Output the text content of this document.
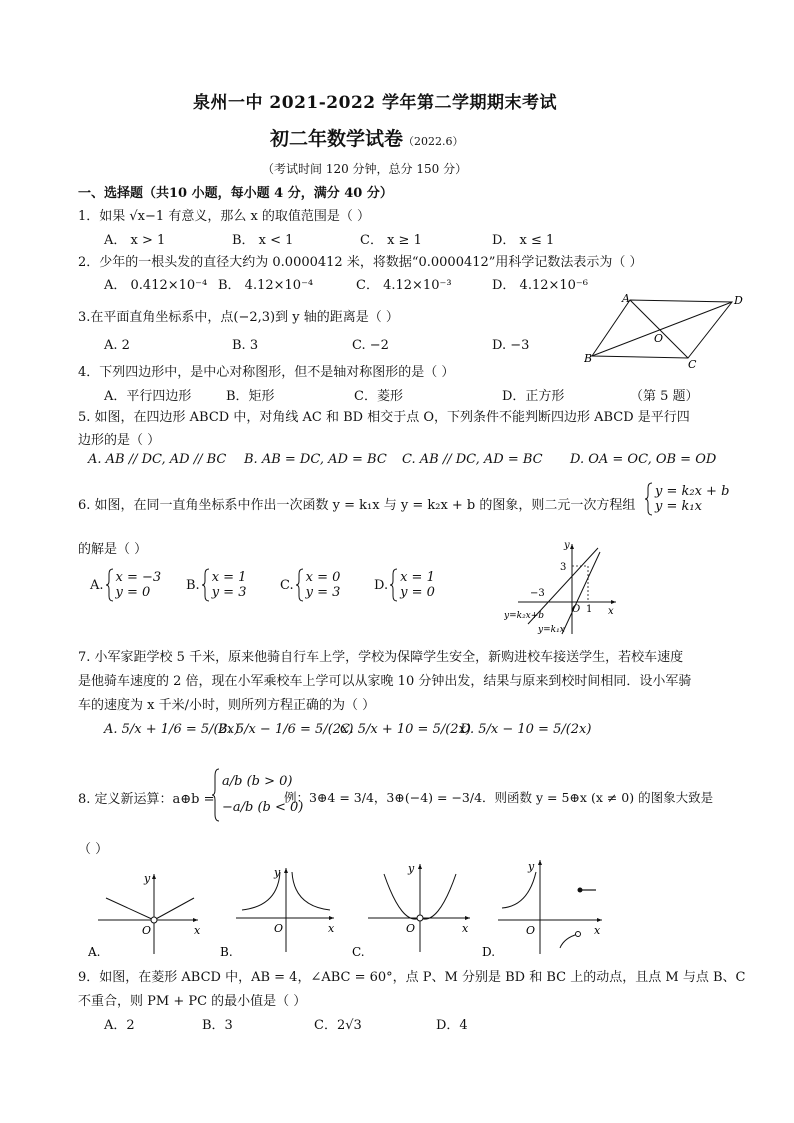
泉州一中 2021-2022 学年第二学期期末考试
初二年数学试卷（2022.6）
（考试时间 120 分钟，总分 150 分）
一、选择题（共10 小题，每小题 4 分，满分 40 分）
1．如果 √x−1 有意义，那么 x 的取值范围是（ ）
A． x > 1	B． x < 1	C． x ≥ 1	D． x ≤ 1
2．少年的一根头发的直径大约为 0.0000412 米，将数据“0.0000412”用科学记数法表示为（ ）
A． 0.412×10⁻⁴ B． 4.12×10⁻⁴	C． 4.12×10⁻³	D． 4.12×10⁻⁶
3.在平面直角坐标系中，点(−2,3)到 y 轴的距离是（ ）
A. 2	B. 3	C. −2	D. −3
A
B	C
D
O
4．下列四边形中，是中心对称图形，但不是轴对称图形的是（ ）
A．平行四边形	B．矩形	C．菱形	D．正方形	（第 5 题）
5. 如图，在四边形 ABCD 中，对角线 AC 和 BD 相交于点 O，下列条件不能判断四边形 ABCD 是平行四
边形的是（ ）
A. AB // DC, AD // BC B. AB = DC, AD = BC C. AB // DC, AD = BC D. OA = OC, OB = OD
6. 如图，在同一直角坐标系中作出一次函数 y = k₁x 与 y = k₂x + b 的图象，则二元一次方程组
y = k₂x + b
y = k₁x
的解是（ ）
A. x = −3
y = 0	B. x = 1
y = 3	C. x = 0
y = 3	D. x = 1
y = 0
y
x
3
−3
O 1
y=k₂x+b
y=k₁x
7. 小军家距学校 5 千米，原来他骑自行车上学，学校为保障学生安全，新购进校车接送学生，若校车速度
是他骑车速度的 2 倍，现在小军乘校车上学可以从家晚 10 分钟出发，结果与原来到校时间相同．设小军骑
车的速度为 x 千米/小时，则所列方程正确的为（ ）
A. 5/x + 1/6 = 5/(2x)
B. 5/x − 1/6 = 5/(2x)
C. 5/x + 10 = 5/(2x)
D. 5/x − 10 = 5/(2x)
8. 定义新运算：a⊕b =
a/b (b > 0)
−a/b (b < 0)
例：3⊕4 = 3/4，3⊕(−4) = −3/4．则函数 y = 5⊕x (x ≠ 0) 的图象大致是
（ ）
y
x
O
A.
y
x
O
B.
y
x
O
C.
y
x
O
D.
9．如图，在菱形 ABCD 中，AB = 4，∠ABC = 60°，点 P、M 分别是 BD 和 BC 上的动点，且点 M 与点 B、C
不重合，则 PM + PC 的最小值是（ ）
A．2	B．3	C．2√3	D．4
